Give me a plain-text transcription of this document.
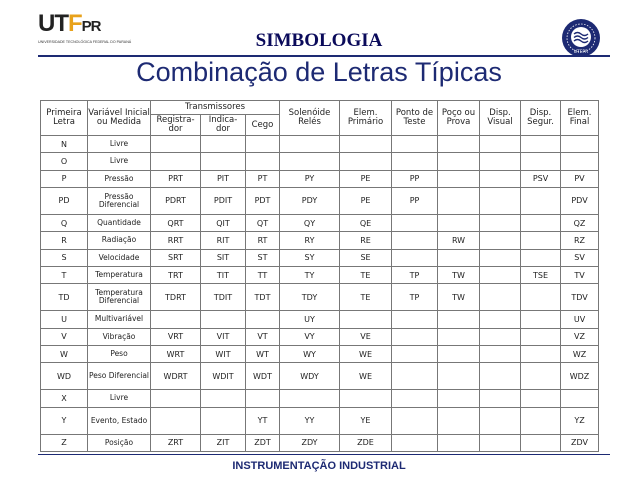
UTFPR
UNIVERSIDADE TECNOLÓGICA FEDERAL DO PARANÁ	SIMBOLOGIA
UTFPR
Combinação de Letras Típicas
Primeira Letra	Variável Inicial ou Medida	Transmissores			Solenóide Relés	Elem. Primário	Ponto de Teste	Poço ou Prova	Disp. Visual	Disp. Segur.	Elem. Final
		Registra- dor	Indica- dor	Cego							
N	Livre										
O	Livre										
P	Pressão	PRT	PIT	PT	PY	PE	PP			PSV	PV
PD	Pressão Diferencial	PDRT	PDIT	PDT	PDY	PE	PP				PDV
Q	Quantidade	QRT	QIT	QT	QY	QE					QZ
R	Radiação	RRT	RIT	RT	RY	RE		RW			RZ
S	Velocidade	SRT	SIT	ST	SY	SE					SV
T	Temperatura	TRT	TIT	TT	TY	TE	TP	TW		TSE	TV
TD	Temperatura Diferencial	TDRT	TDIT	TDT	TDY	TE	TP	TW			TDV
U	Multivariável				UY						UV
V	Vibração	VRT	VIT	VT	VY	VE					VZ
W	Peso	WRT	WIT	WT	WY	WE					WZ
WD	Peso Diferencial	WDRT	WDIT	WDT	WDY	WE					WDZ
X	Livre										
Y	Evento, Estado			YT	YY	YE					YZ
Z	Posição	ZRT	ZIT	ZDT	ZDY	ZDE					ZDV
INSTRUMENTAÇÃO INDUSTRIAL
